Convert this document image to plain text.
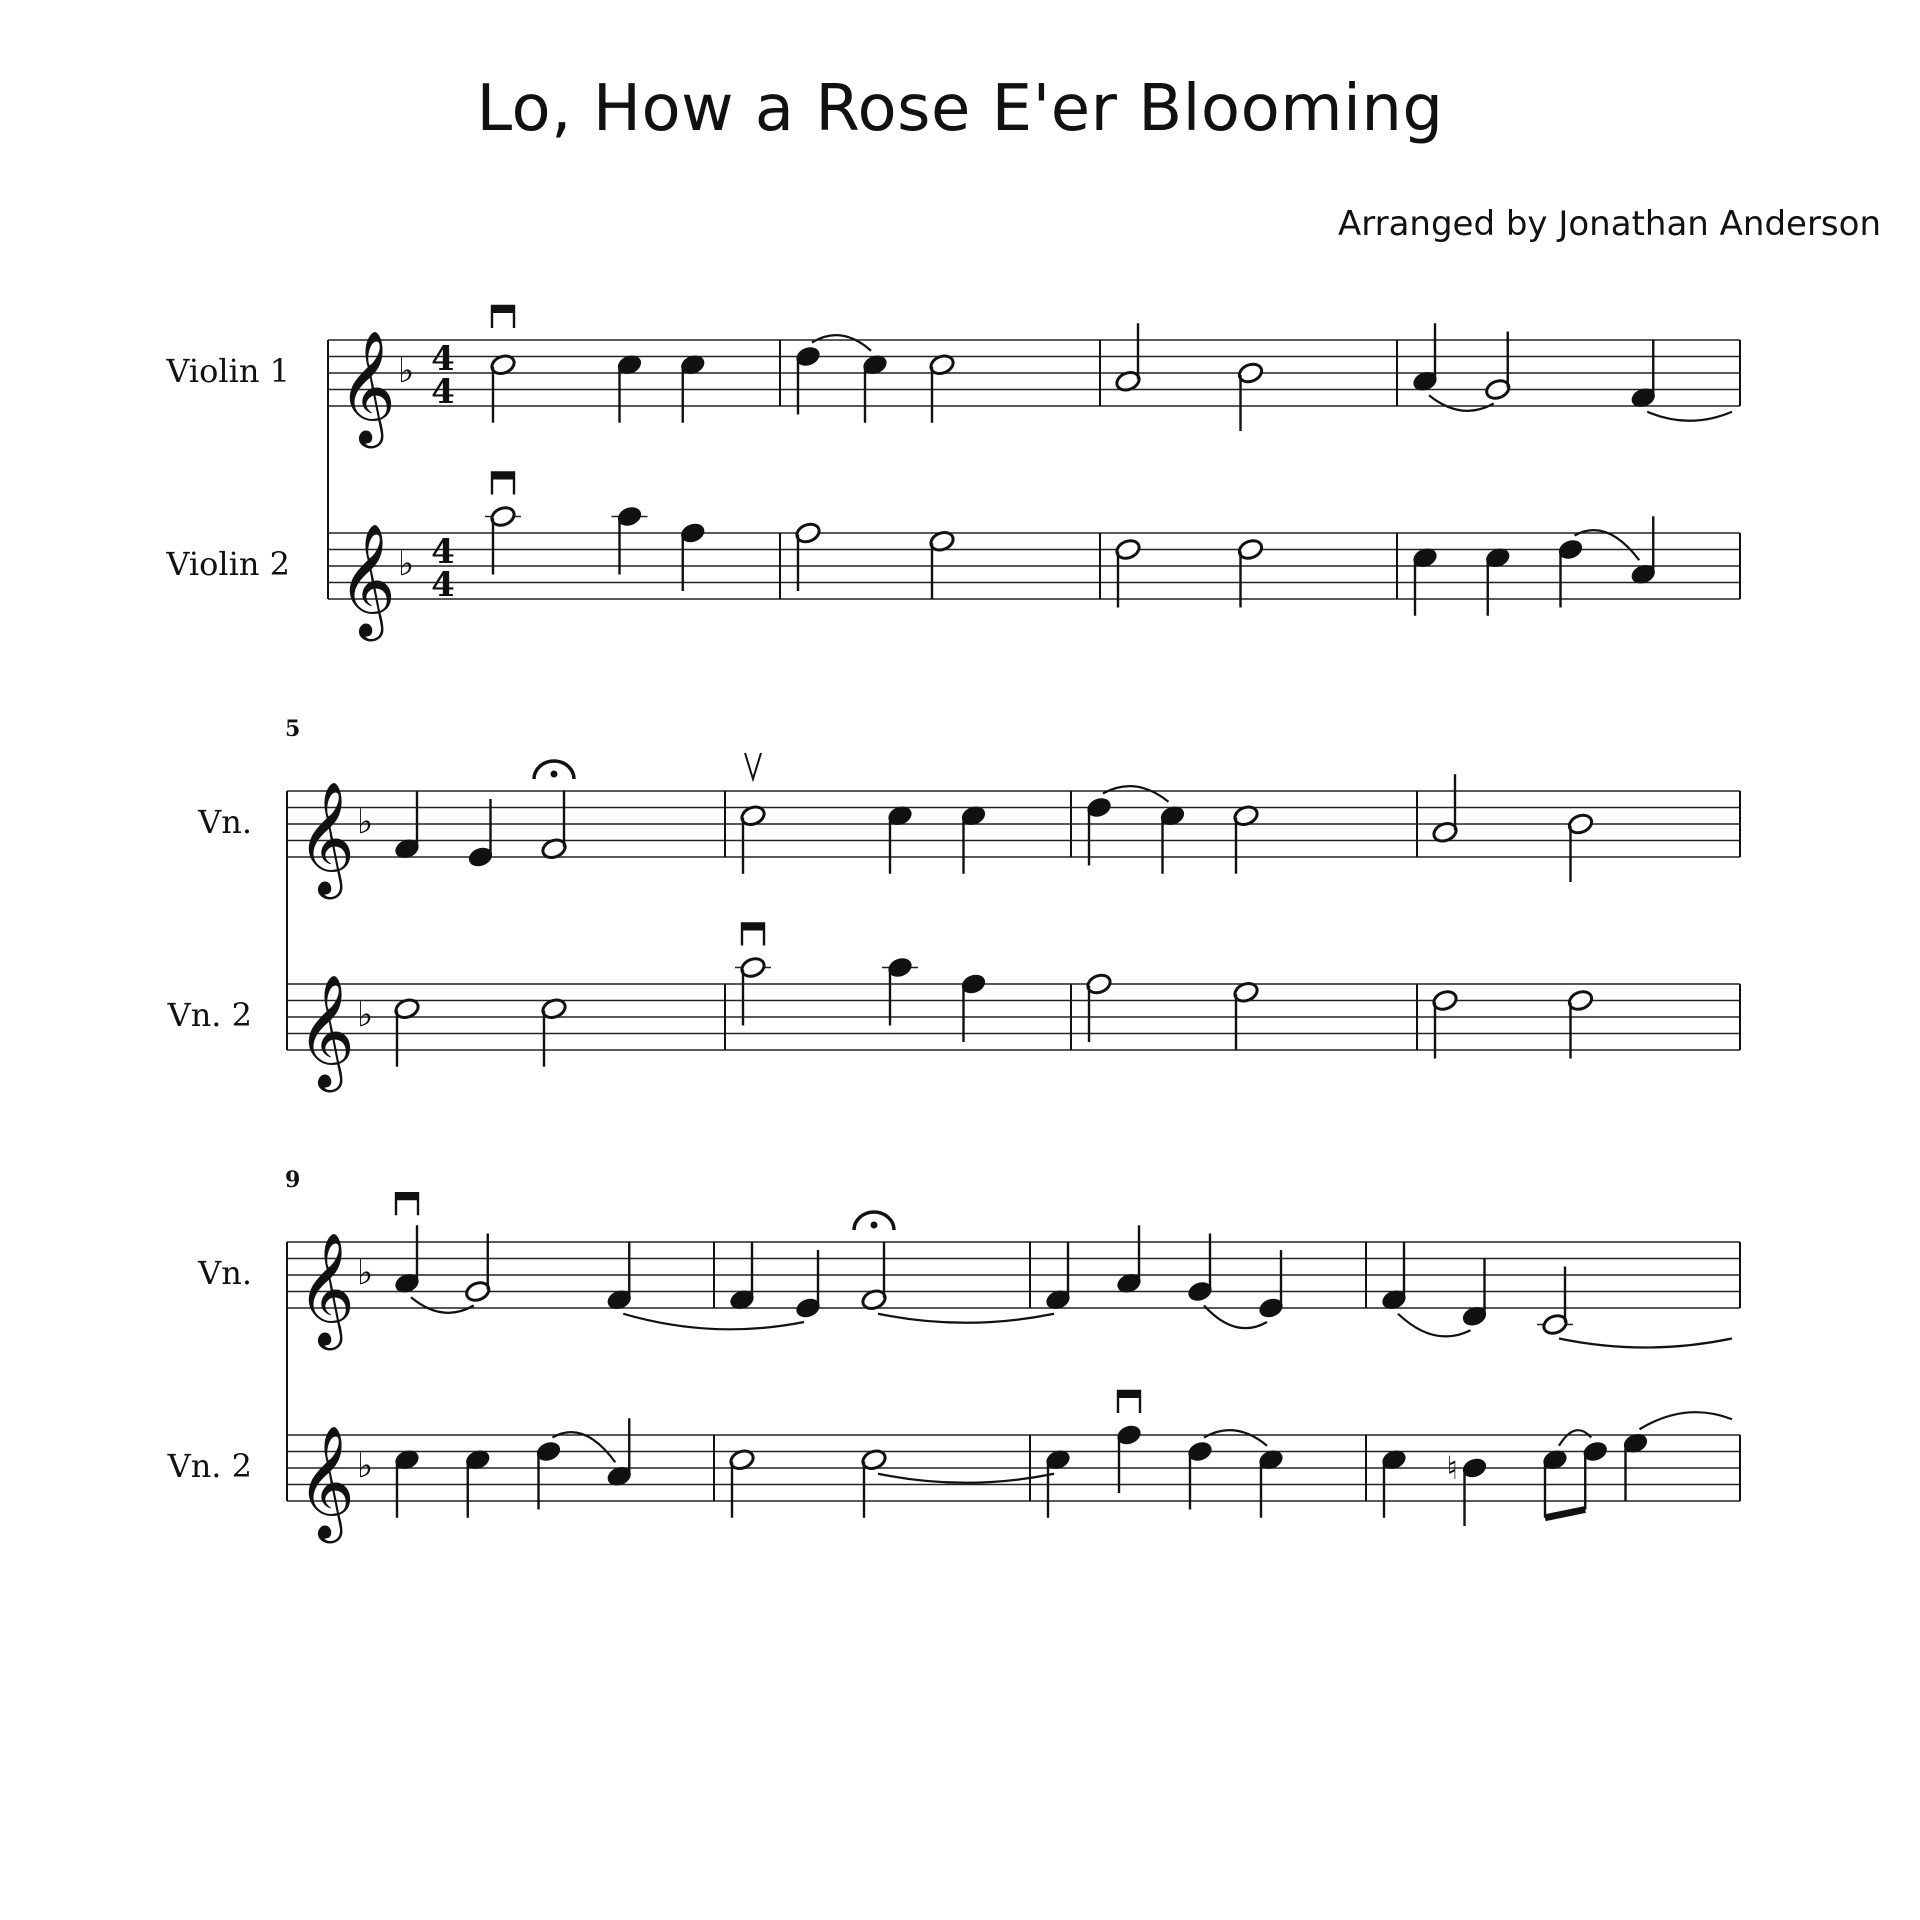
Lo, How a Rose E'er Blooming
Arranged by Jonathan Anderson
Violin 1 𝄞 ♭ 4
4
Violin 2 𝄞 ♭ 4
4
5
Vn. 𝄞 ♭
Vn. 2 𝄞 ♭
9
Vn. 𝄞 ♭
Vn. 2 𝄞 ♭	♮
